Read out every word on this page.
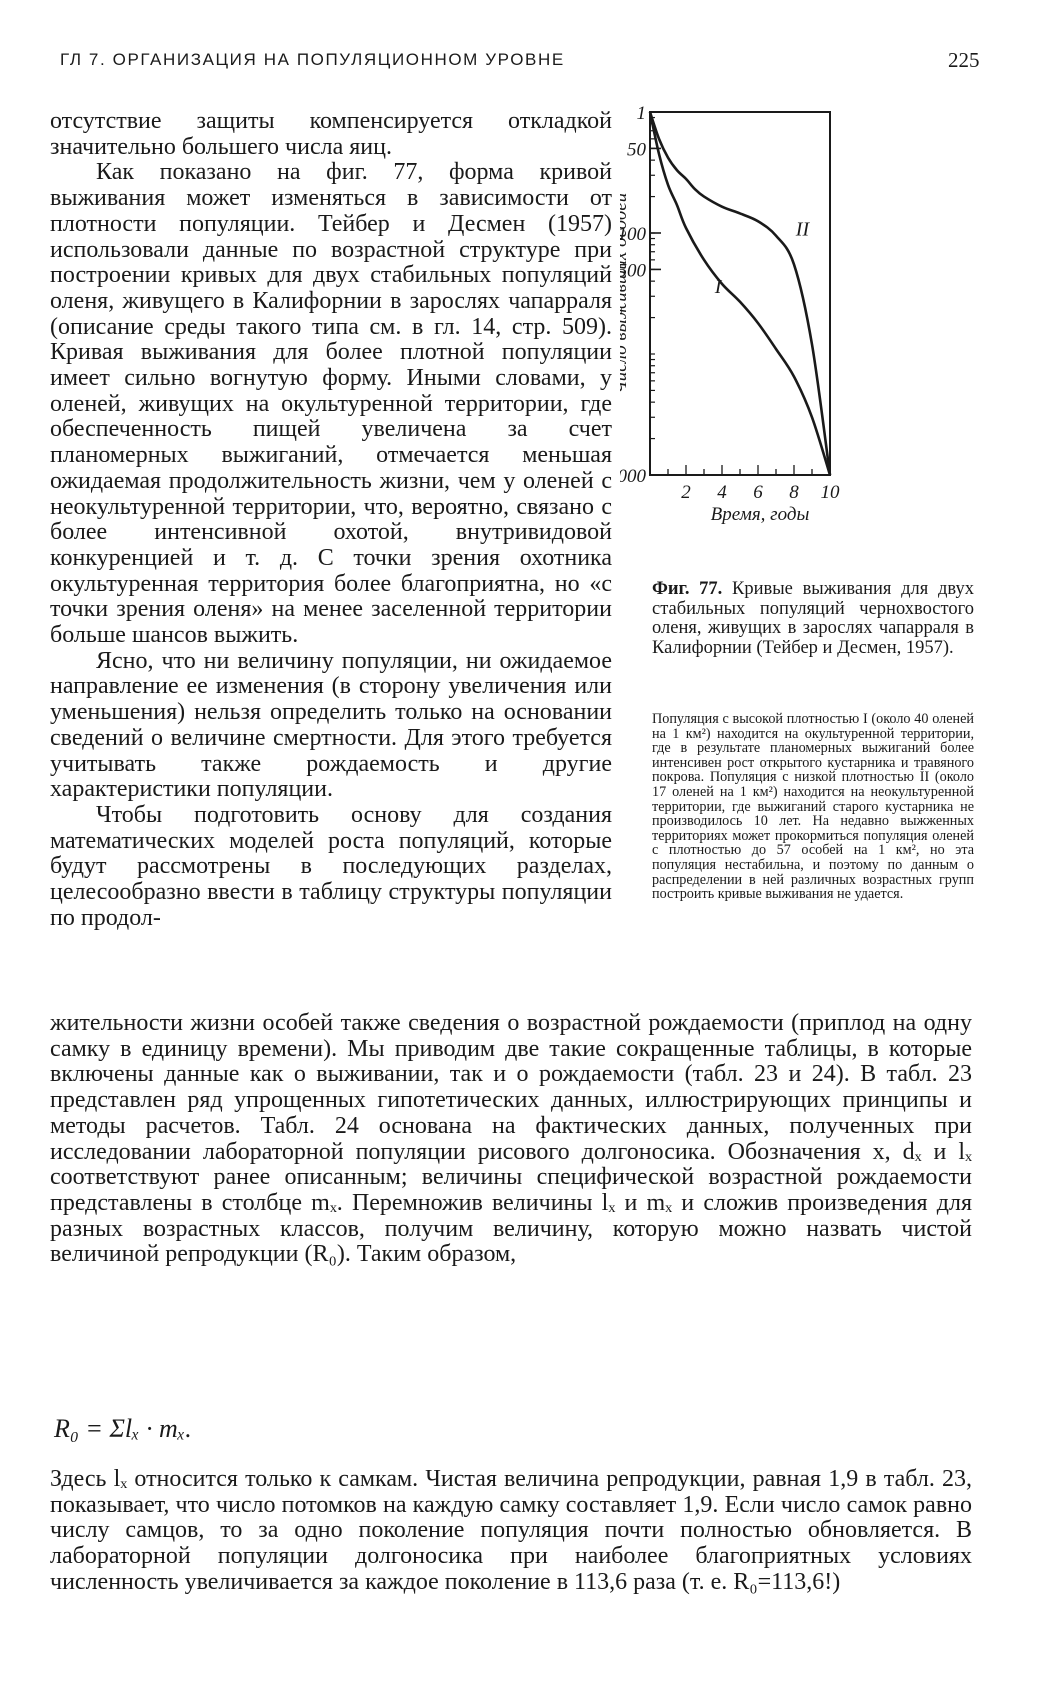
ГЛ 7. ОРГАНИЗАЦИЯ НА ПОПУЛЯЦИОННОМ УРОВНЕ	225

отсутствие защиты компенсируется откладкой значительно большего числа яиц.

Как показано на фиг. 77, форма кривой выживания может изменяться в зависимости от плотности популяции. Тейбер и Десмен (1957) использовали данные по возрастной структуре при построении кривых для двух стабильных популяций оленя, живущего в Калифорнии в зарослях чапарраля (описание среды такого типа см. в гл. 14, стр. 509). Кривая выживания для более плотной популяции имеет сильно вогнутую форму. Иными словами, у оленей, живущих на окультуренной территории, где обеспеченность пищей увеличена за счет планомерных выжиганий, отмечается меньшая ожидаемая продолжительность жизни, чем у оленей с неокультуренной территории, что, вероятно, связано с более интенсивной охотой, внутривидовой конкуренцией и т. д. С точки зрения охотника окультуренная территория более благоприятна, но «с точки зрения оленя» на менее заселенной территории больше шансов выжить.

Ясно, что ни величину популяции, ни ожидаемое направление ее изменения (в сторону увеличения или уменьшения) нельзя определить только на основании сведений о величине смертности. Для этого требуется учитывать также рождаемость и другие характеристики популяции.

Чтобы подготовить основу для создания математических моделей роста популяций, которые будут рассмотрены в последующих разделах, целесообразно ввести в таблицу структуры популяции по продол-

00
500
100
50
1
2 4 6 8 10
Время, годы
Число выживших особей
I
II
Фиг. 77. Кривые выживания для двух стабильных популяций чернохвостого оленя, живущих в зарослях чапарраля в Калифорнии (Тейбер и Десмен, 1957).
Популяция с высокой плотностью I (около 40 оленей на 1 км²) находится на окультуренной территории, где в результате планомерных выжиганий более интенсивен рост открытого кустарника и травяного покрова. Популяция с низкой плотностью II (около 17 оленей на 1 км²) находится на неокультуренной территории, где выжиганий старого кустарника не производилось 10 лет. На недавно выжженных территориях может прокормиться популяция оленей с плотностью до 57 особей на 1 км², но эта популяция нестабильна, и поэтому по данным о распределении в ней различных возрастных групп построить кривые выживания не удается.

жительности жизни особей также сведения о возрастной рождаемости (приплод на одну самку в единицу времени). Мы приводим две такие сокращенные таблицы, в которые включены данные как о выживании, так и о рождаемости (табл. 23 и 24). В табл. 23 представлен ряд упрощенных гипотетических данных, иллюстрирующих принципы и методы расчетов. Табл. 24 основана на фактических данных, полученных при исследовании лабораторной популяции рисового долгоносика. Обозначения x, dₓ и lₓ соответствуют ранее описанным; величины специфической возрастной рождаемости представлены в столбце mₓ. Перемножив величины lₓ и mₓ и сложив произведения для разных возрастных классов, получим величину, которую можно назвать чистой величиной репродукции (R₀). Таким образом,

R₀ = Σlₓ · mₓ.

Здесь lₓ относится только к самкам. Чистая величина репродукции, равная 1,9 в табл. 23, показывает, что число потомков на каждую самку составляет 1,9. Если число самок равно числу самцов, то за одно поколение популяция почти полностью обновляется. В лабораторной популяции долгоносика при наиболее благоприятных условиях численность увеличивается за каждое поколение в 113,6 раза (т. е. R₀=113,6!)
